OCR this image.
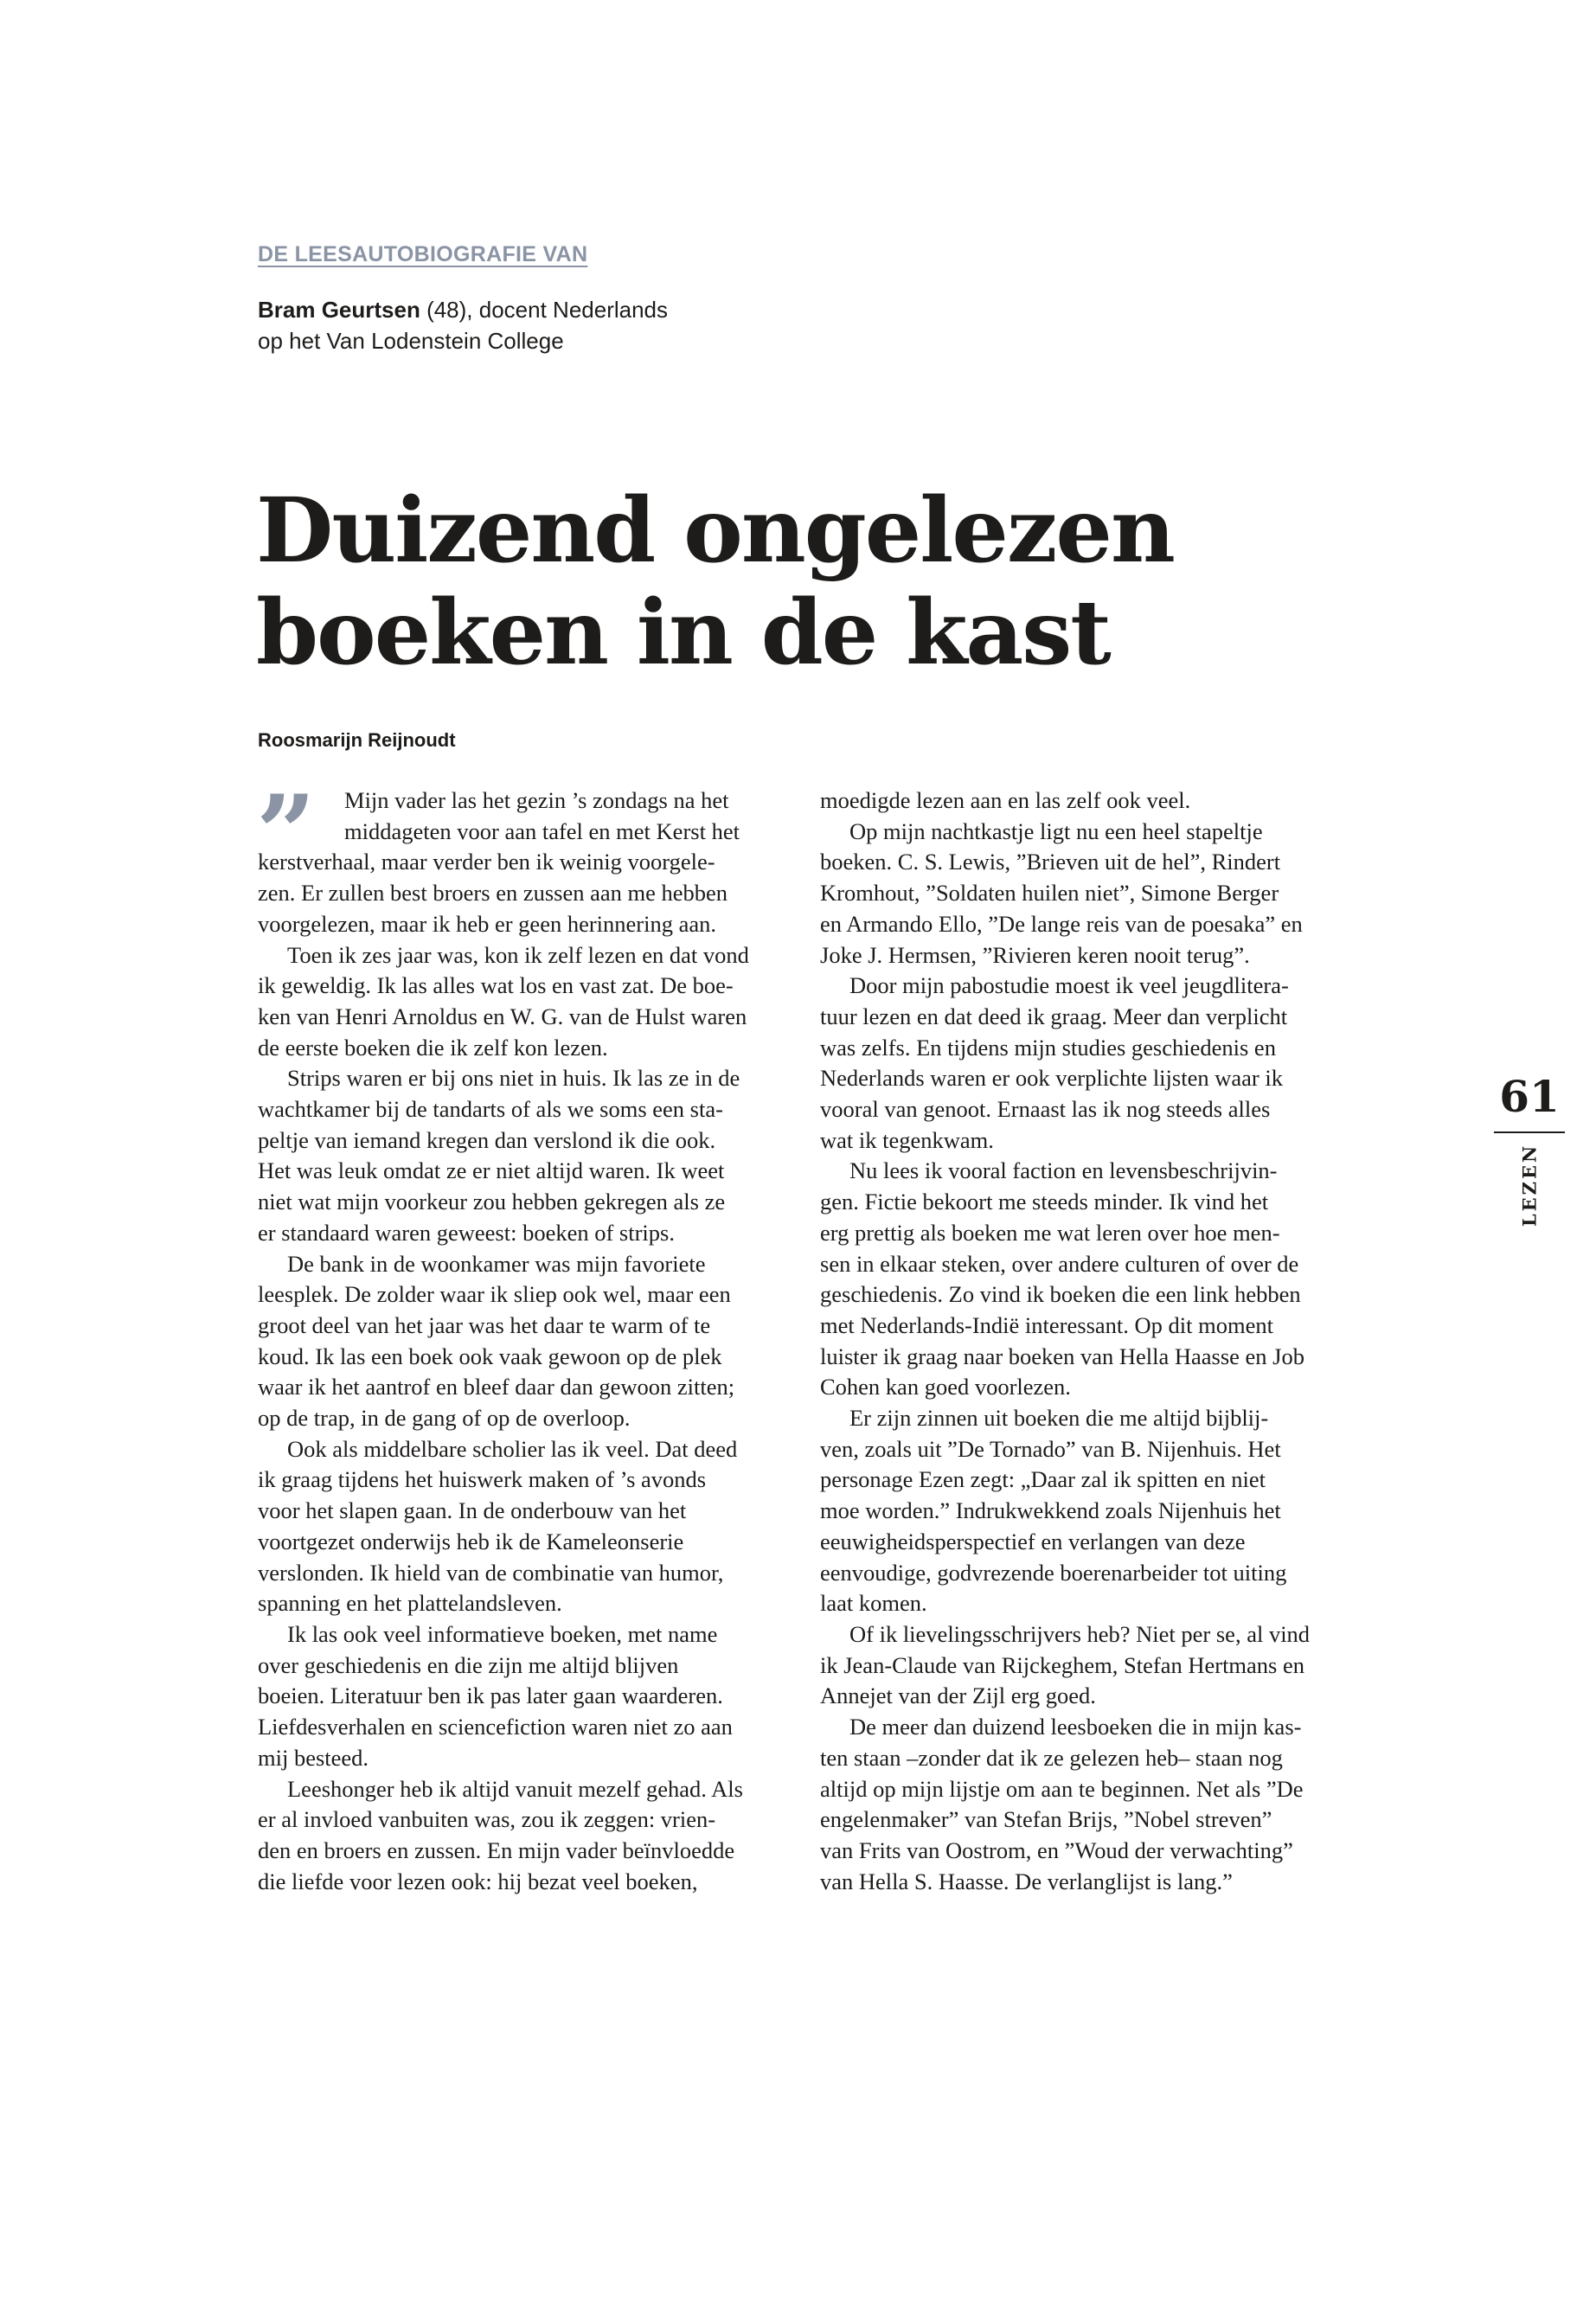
DE LEESAUTOBIOGRAFIE VAN

Bram Geurtsen (48), docent Nederlands
op het Van Lodenstein College

Duizend ongelezen
boeken in de kast

Roosmarijn Reijnoudt

”	Mijn vader las het gezin ’s zondags na het
middageten voor aan tafel en met Kerst het
kerstverhaal, maar verder ben ik weinig voorgele-
zen. Er zullen best broers en zussen aan me hebben
voorgelezen, maar ik heb er geen herinnering aan.

Toen ik zes jaar was, kon ik zelf lezen en dat vond
ik geweldig. Ik las alles wat los en vast zat. De boe-
ken van Henri Arnoldus en W. G. van de Hulst waren
de eerste boeken die ik zelf kon lezen.

Strips waren er bij ons niet in huis. Ik las ze in de
wachtkamer bij de tandarts of als we soms een sta-
peltje van iemand kregen dan verslond ik die ook.
Het was leuk omdat ze er niet altijd waren. Ik weet
niet wat mijn voorkeur zou hebben gekregen als ze
er standaard waren geweest: boeken of strips.

De bank in de woonkamer was mijn favoriete
leesplek. De zolder waar ik sliep ook wel, maar een
groot deel van het jaar was het daar te warm of te
koud. Ik las een boek ook vaak gewoon op de plek
waar ik het aantrof en bleef daar dan gewoon zitten;
op de trap, in de gang of op de overloop.

Ook als middelbare scholier las ik veel. Dat deed
ik graag tijdens het huiswerk maken of ’s avonds
voor het slapen gaan. In de onderbouw van het
voortgezet onderwijs heb ik de Kameleonserie
verslonden. Ik hield van de combinatie van humor,
spanning en het plattelandsleven.

Ik las ook veel informatieve boeken, met name
over geschiedenis en die zijn me altijd blijven
boeien. Literatuur ben ik pas later gaan waarderen.
Liefdesverhalen en sciencefiction waren niet zo aan
mij besteed.

Leeshonger heb ik altijd vanuit mezelf gehad. Als
er al invloed vanbuiten was, zou ik zeggen: vrien-
den en broers en zussen. En mijn vader beïnvloedde
die liefde voor lezen ook: hij bezat veel boeken,

moedigde lezen aan en las zelf ook veel.

Op mijn nachtkastje ligt nu een heel stapeltje
boeken. C. S. Lewis, ”Brieven uit de hel”, Rindert
Kromhout, ”Soldaten huilen niet”, Simone Berger
en Armando Ello, ”De lange reis van de poesaka” en
Joke J. Hermsen, ”Rivieren keren nooit terug”.

Door mijn pabostudie moest ik veel jeugdlitera-
tuur lezen en dat deed ik graag. Meer dan verplicht
was zelfs. En tijdens mijn studies geschiedenis en
Nederlands waren er ook verplichte lijsten waar ik
vooral van genoot. Ernaast las ik nog steeds alles
wat ik tegenkwam.

Nu lees ik vooral faction en levensbeschrijvin-
gen. Fictie bekoort me steeds minder. Ik vind het
erg prettig als boeken me wat leren over hoe men-
sen in elkaar steken, over andere culturen of over de
geschiedenis. Zo vind ik boeken die een link hebben
met Nederlands-Indië interessant. Op dit moment
luister ik graag naar boeken van Hella Haasse en Job
Cohen kan goed voorlezen.

Er zijn zinnen uit boeken die me altijd bijblij-
ven, zoals uit ”De Tornado” van B. Nijenhuis. Het
personage Ezen zegt: „Daar zal ik spitten en niet
moe worden.” Indrukwekkend zoals Nijenhuis het
eeuwigheidsperspectief en verlangen van deze
eenvoudige, godvrezende boerenarbeider tot uiting
laat komen.

Of ik lievelingsschrijvers heb? Niet per se, al vind
ik Jean-Claude van Rijckeghem, Stefan Hertmans en
Annejet van der Zijl erg goed.

De meer dan duizend leesboeken die in mijn kas-
ten staan –zonder dat ik ze gelezen heb– staan nog
altijd op mijn lijstje om aan te beginnen. Net als ”De
engelenmaker” van Stefan Brijs, ”Nobel streven”
van Frits van Oostrom, en ”Woud der verwachting”
van Hella S. Haasse. De verlanglijst is lang.”

61
LEZEN
